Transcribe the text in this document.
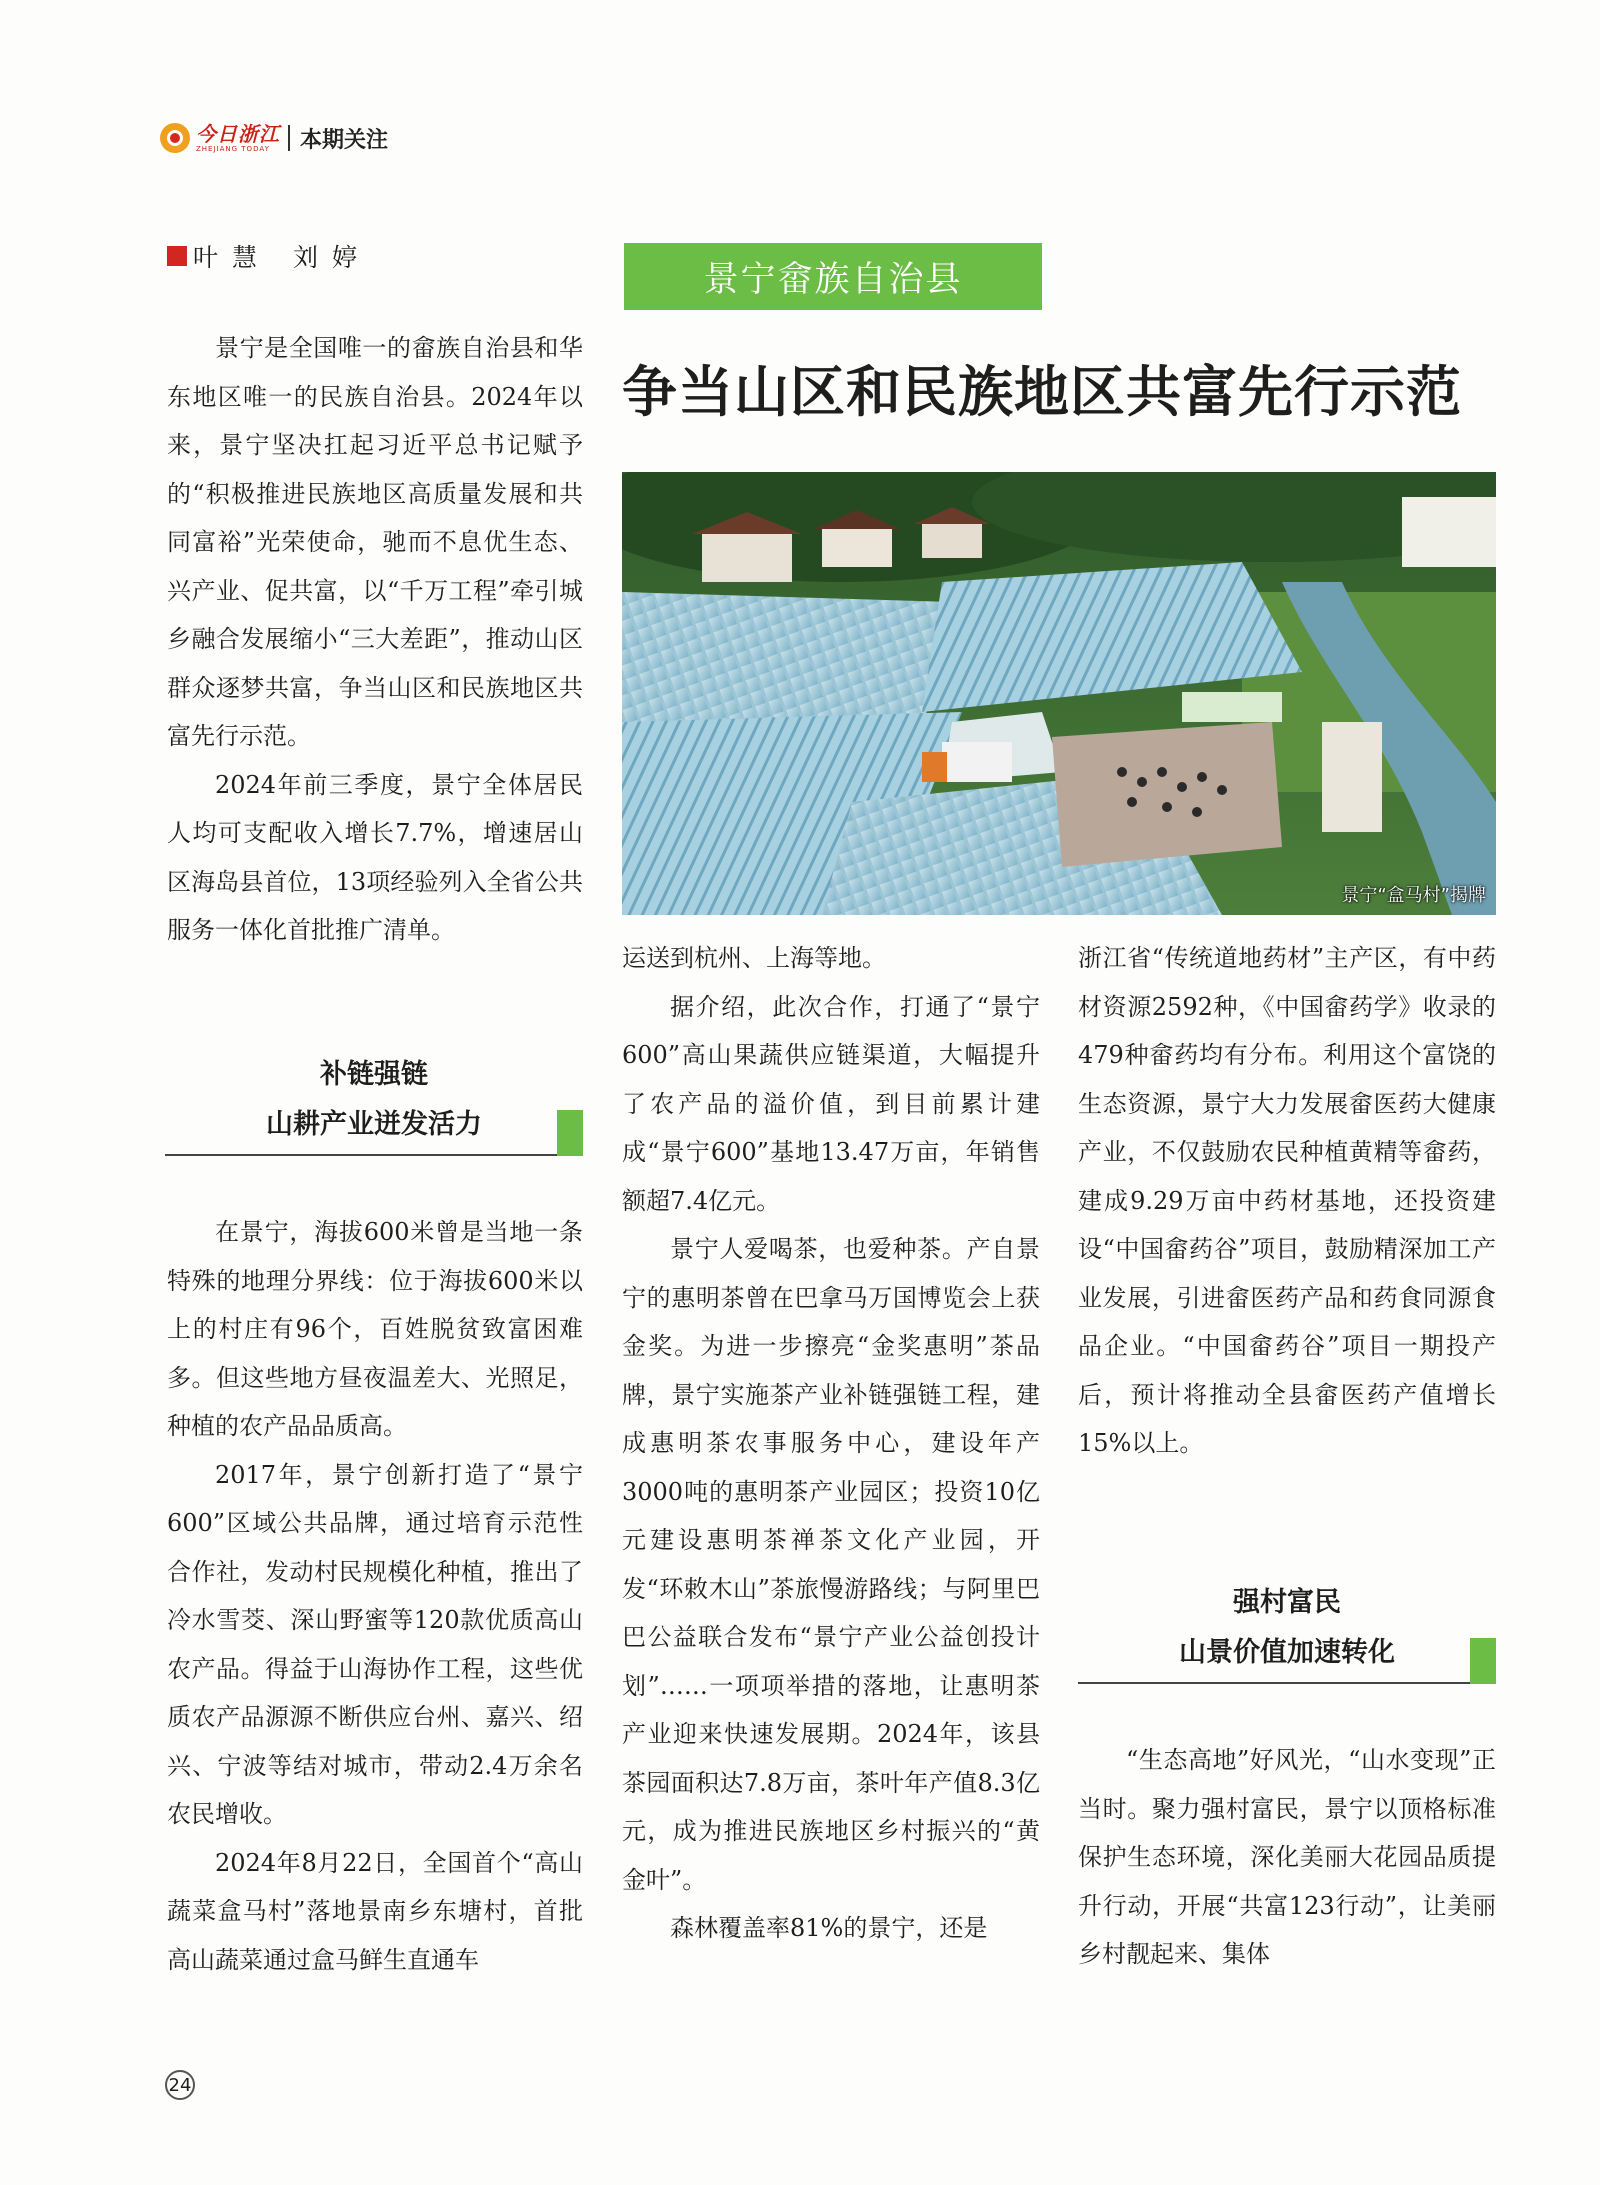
今日浙江
ZHEJIANG TODAY	本期关注
叶慧 刘婷
景宁畲族自治县
争当山区和民族地区共富先行示范
景宁“盒马村”揭牌

景宁是全国唯一的畲族自治县和华东地区唯一的民族自治县。2024年以来，景宁坚决扛起习近平总书记赋予的“积极推进民族地区高质量发展和共同富裕”光荣使命，驰而不息优生态、兴产业、促共富，以“千万工程”牵引城乡融合发展缩小“三大差距”，推动山区群众逐梦共富，争当山区和民族地区共富先行示范。

2024年前三季度，景宁全体居民人均可支配收入增长7.7%，增速居山区海岛县首位，13项经验列入全省公共服务一体化首批推广清单。

补链强链
山耕产业迸发活力

在景宁，海拔600米曾是当地一条特殊的地理分界线：位于海拔600米以上的村庄有96个，百姓脱贫致富困难多。但这些地方昼夜温差大、光照足，种植的农产品品质高。

2017年，景宁创新打造了“景宁600”区域公共品牌，通过培育示范性合作社，发动村民规模化种植，推出了冷水雪茭、深山野蜜等120款优质高山农产品。得益于山海协作工程，这些优质农产品源源不断供应台州、嘉兴、绍兴、宁波等结对城市，带动2.4万余名农民增收。

2024年8月22日，全国首个“高山蔬菜盒马村”落地景南乡东塘村，首批高山蔬菜通过盒马鲜生直通车

运送到杭州、上海等地。

据介绍，此次合作，打通了“景宁600”高山果蔬供应链渠道，大幅提升了农产品的溢价值，到目前累计建成“景宁600”基地13.47万亩，年销售额超7.4亿元。

景宁人爱喝茶，也爱种茶。产自景宁的惠明茶曾在巴拿马万国博览会上获金奖。为进一步擦亮“金奖惠明”茶品牌，景宁实施茶产业补链强链工程，建成惠明茶农事服务中心，建设年产3000吨的惠明茶产业园区；投资10亿元建设惠明茶禅茶文化产业园，开发“环敕木山”茶旅慢游路线；与阿里巴巴公益联合发布“景宁产业公益创投计划”……一项项举措的落地，让惠明茶产业迎来快速发展期。2024年，该县茶园面积达7.8万亩，茶叶年产值8.3亿元，成为推进民族地区乡村振兴的“黄金叶”。

森林覆盖率81%的景宁，还是

浙江省“传统道地药材”主产区，有中药材资源2592种，《中国畲药学》收录的479种畲药均有分布。利用这个富饶的生态资源，景宁大力发展畲医药大健康产业，不仅鼓励农民种植黄精等畲药，建成9.29万亩中药材基地，还投资建设“中国畲药谷”项目，鼓励精深加工产业发展，引进畲医药产品和药食同源食品企业。“中国畲药谷”项目一期投产后，预计将推动全县畲医药产值增长15%以上。

强村富民
山景价值加速转化

“生态高地”好风光，“山水变现”正当时。聚力强村富民，景宁以顶格标准保护生态环境，深化美丽大花园品质提升行动，开展“共富123行动”，让美丽乡村靓起来、集体

24
